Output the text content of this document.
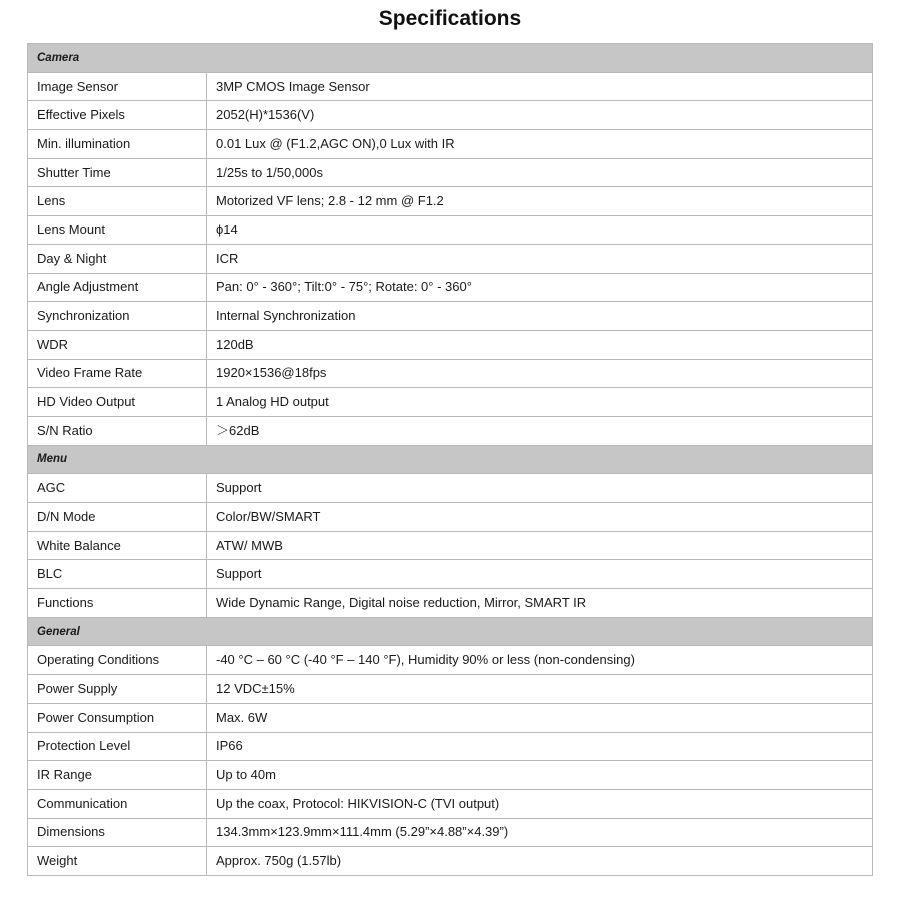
Specifications
Camera	
Image Sensor	3MP CMOS Image Sensor
Effective Pixels	2052(H)*1536(V)
Min. illumination	0.01 Lux @ (F1.2,AGC ON),0 Lux with IR
Shutter Time	1/25s to 1/50,000s
Lens	Motorized VF lens; 2.8 - 12 mm @ F1.2
Lens Mount	ϕ14
Day & Night	ICR
Angle Adjustment	Pan: 0° - 360°; Tilt:0° - 75°; Rotate: 0° - 360°
Synchronization	Internal Synchronization
WDR	120dB
Video Frame Rate	1920×1536@18fps
HD Video Output	1 Analog HD output
S/N Ratio	＞62dB
Menu	
AGC	Support
D/N Mode	Color/BW/SMART
White Balance	ATW/ MWB
BLC	Support
Functions	Wide Dynamic Range, Digital noise reduction, Mirror, SMART IR
General	
Operating Conditions	-40 °C – 60 °C (-40 °F – 140 °F), Humidity 90% or less (non-condensing)
Power Supply	12 VDC±15%
Power Consumption	Max. 6W
Protection Level	IP66
IR Range	Up to 40m
Communication	Up the coax, Protocol: HIKVISION-C (TVI output)
Dimensions	134.3mm×123.9mm×111.4mm (5.29”×4.88”×4.39”)
Weight	Approx. 750g (1.57lb)
